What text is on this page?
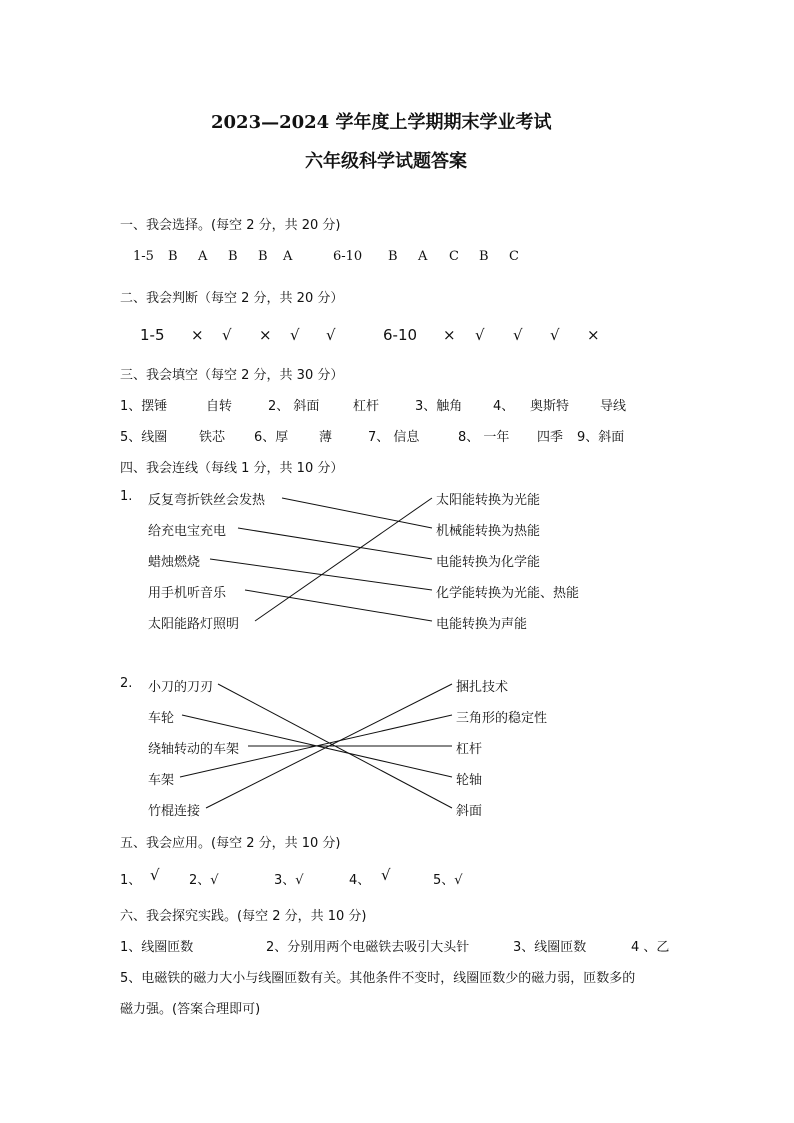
2023—2024 学年度上学期期末学业考试
六年级科学试题答案
一、我会选择。(每空 2 分，共 20 分)
1-5 B A B B A	6-10 B A C B C
二、我会判断（每空 2 分，共 20 分）
1-5 × √ × √ √	6-10 × √ √ √ ×
三、我会填空（每空 2 分，共 30 分）
1、摆锤	自转	2、 斜面	杠杆	3、触角 4、 奥斯特 导线
5、线圈 铁芯 6、厚 薄	7、 信息	8、 一年 四季 9、斜面
四、我会连线（每线 1 分，共 10 分）
1. 反复弯折铁丝会发热
给充电宝充电
蜡烛燃烧
用手机听音乐
太阳能路灯照明
太阳能转换为光能
机械能转换为热能
电能转换为化学能
化学能转换为光能、热能
电能转换为声能
2. 小刀的刀刃
车轮
绕轴转动的车架
车架
竹棍连接
捆扎技术
三角形的稳定性
杠杆
轮轴
斜面
五、我会应用。(每空 2 分，共 10 分)
1、 √ 2、√	3、√	4、 √	5、√
六、我会探究实践。(每空 2 分，共 10 分)
1、线圈匝数	2、分别用两个电磁铁去吸引大头针	3、线圈匝数	4 、乙
5、电磁铁的磁力大小与线圈匝数有关。其他条件不变时，线圈匝数少的磁力弱，匝数多的
磁力强。(答案合理即可)
